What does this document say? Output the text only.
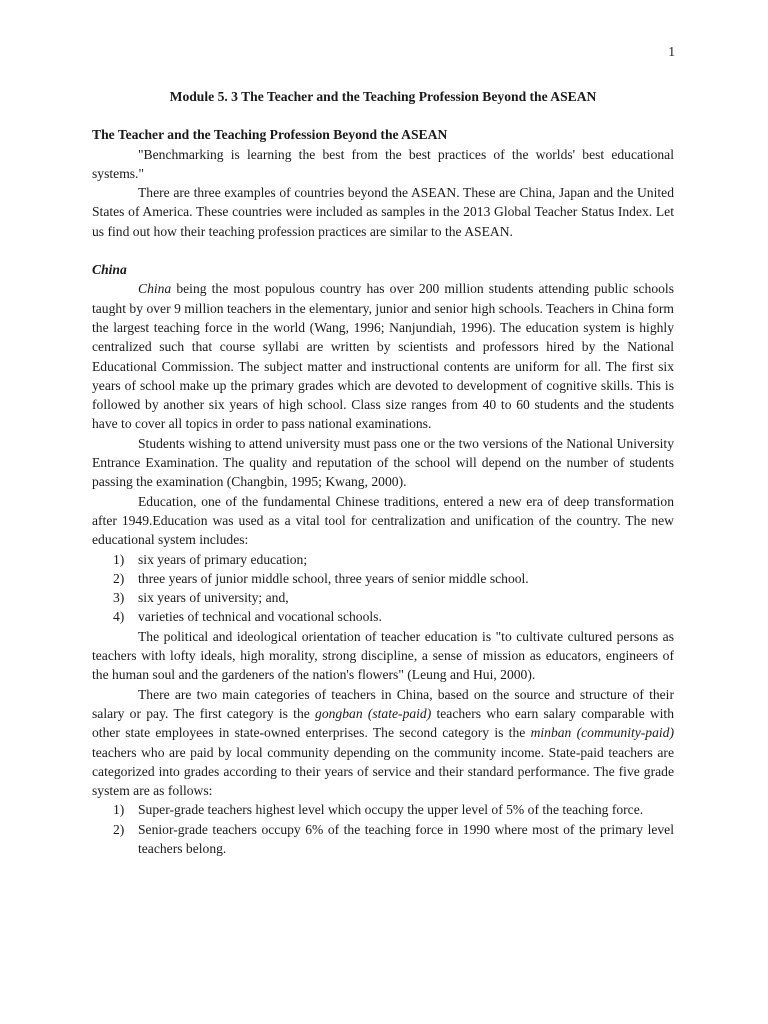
1

Module 5. 3 The Teacher and the Teaching Profession Beyond the ASEAN

The Teacher and the Teaching Profession Beyond the ASEAN

"Benchmarking is learning the best from the best practices of the worlds' best educational systems."

There are three examples of countries beyond the ASEAN. These are China, Japan and the United States of America. These countries were included as samples in the 2013 Global Teacher Status Index. Let us find out how their teaching profession practices are similar to the ASEAN.

China

China being the most populous country has over 200 million students attending public schools taught by over 9 million teachers in the elementary, junior and senior high schools. Teachers in China form the largest teaching force in the world (Wang, 1996; Nanjundiah, 1996). The education system is highly centralized such that course syllabi are written by scientists and professors hired by the National Educational Commission. The subject matter and instructional contents are uniform for all. The first six years of school make up the primary grades which are devoted to development of cognitive skills. This is followed by another six years of high school. Class size ranges from 40 to 60 students and the students have to cover all topics in order to pass national examinations.

Students wishing to attend university must pass one or the two versions of the National University Entrance Examination. The quality and reputation of the school will depend on the number of students passing the examination (Changbin, 1995; Kwang, 2000).

Education, one of the fundamental Chinese traditions, entered a new era of deep transformation after 1949.Education was used as a vital tool for centralization and unification of the country. The new educational system includes:

1) six years of primary education;
2) three years of junior middle school, three years of senior middle school.
3) six years of university; and,
4) varieties of technical and vocational schools.

The political and ideological orientation of teacher education is "to cultivate cultured persons as teachers with lofty ideals, high morality, strong discipline, a sense of mission as educators, engineers of the human soul and the gardeners of the nation's flowers" (Leung and Hui, 2000).

There are two main categories of teachers in China, based on the source and structure of their salary or pay. The first category is the gongban (state-paid) teachers who earn salary comparable with other state employees in state-owned enterprises. The second category is the minban (community-paid) teachers who are paid by local community depending on the community income. State-paid teachers are categorized into grades according to their years of service and their standard performance. The five grade system are as follows:

1) Super-grade teachers highest level which occupy the upper level of 5% of the teaching force.
2) Senior-grade teachers occupy 6% of the teaching force in 1990 where most of the primary level teachers belong.
